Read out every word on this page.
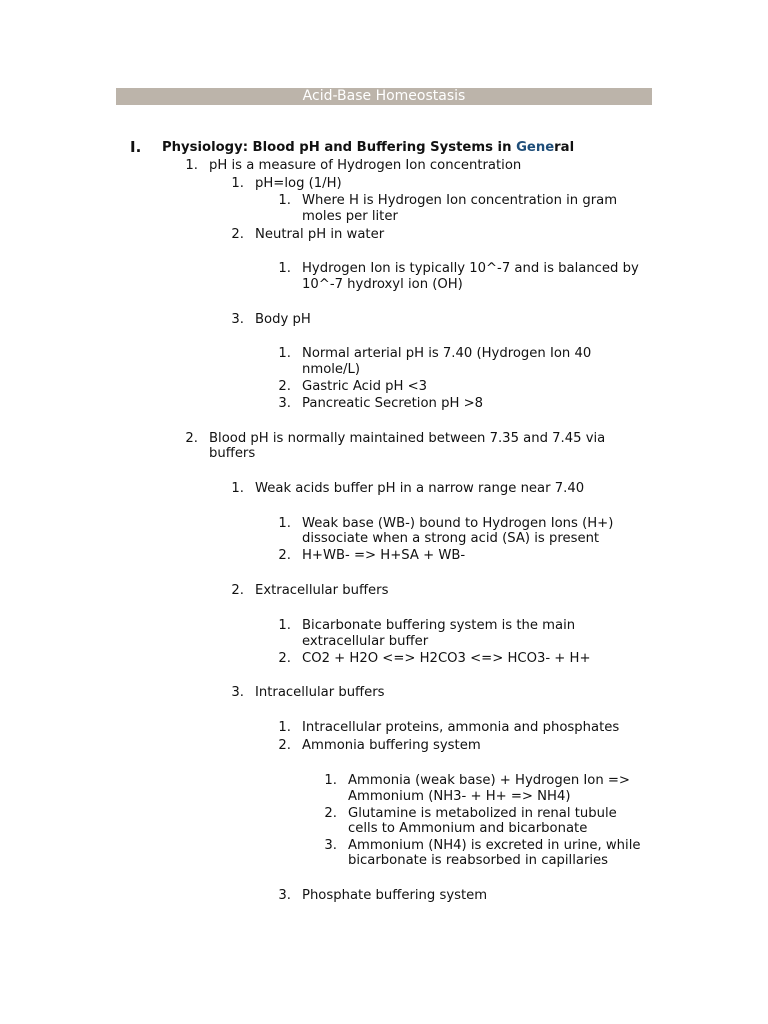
Acid-Base Homeostasis
I. Physiology: Blood pH and Buffering Systems in General
1. pH is a measure of Hydrogen Ion concentration
1. pH=log (1/H)
1. Where H is Hydrogen Ion concentration in gram
moles per liter
2. Neutral pH in water
1. Hydrogen Ion is typically 10^-7 and is balanced by
10^-7 hydroxyl ion (OH)
3. Body pH
1. Normal arterial pH is 7.40 (Hydrogen Ion 40
nmole/L)
2. Gastric Acid pH <3
3. Pancreatic Secretion pH >8
2. Blood pH is normally maintained between 7.35 and 7.45 via
buffers
1. Weak acids buffer pH in a narrow range near 7.40
1. Weak base (WB-) bound to Hydrogen Ions (H+)
dissociate when a strong acid (SA) is present
2. H+WB- => H+SA + WB-
2. Extracellular buffers
1. Bicarbonate buffering system is the main
extracellular buffer
2. CO2 + H2O <=> H2CO3 <=> HCO3- + H+
3. Intracellular buffers
1. Intracellular proteins, ammonia and phosphates
2. Ammonia buffering system
1. Ammonia (weak base) + Hydrogen Ion =>
Ammonium (NH3- + H+ => NH4)
2. Glutamine is metabolized in renal tubule
cells to Ammonium and bicarbonate
3. Ammonium (NH4) is excreted in urine, while
bicarbonate is reabsorbed in capillaries
3. Phosphate buffering system
